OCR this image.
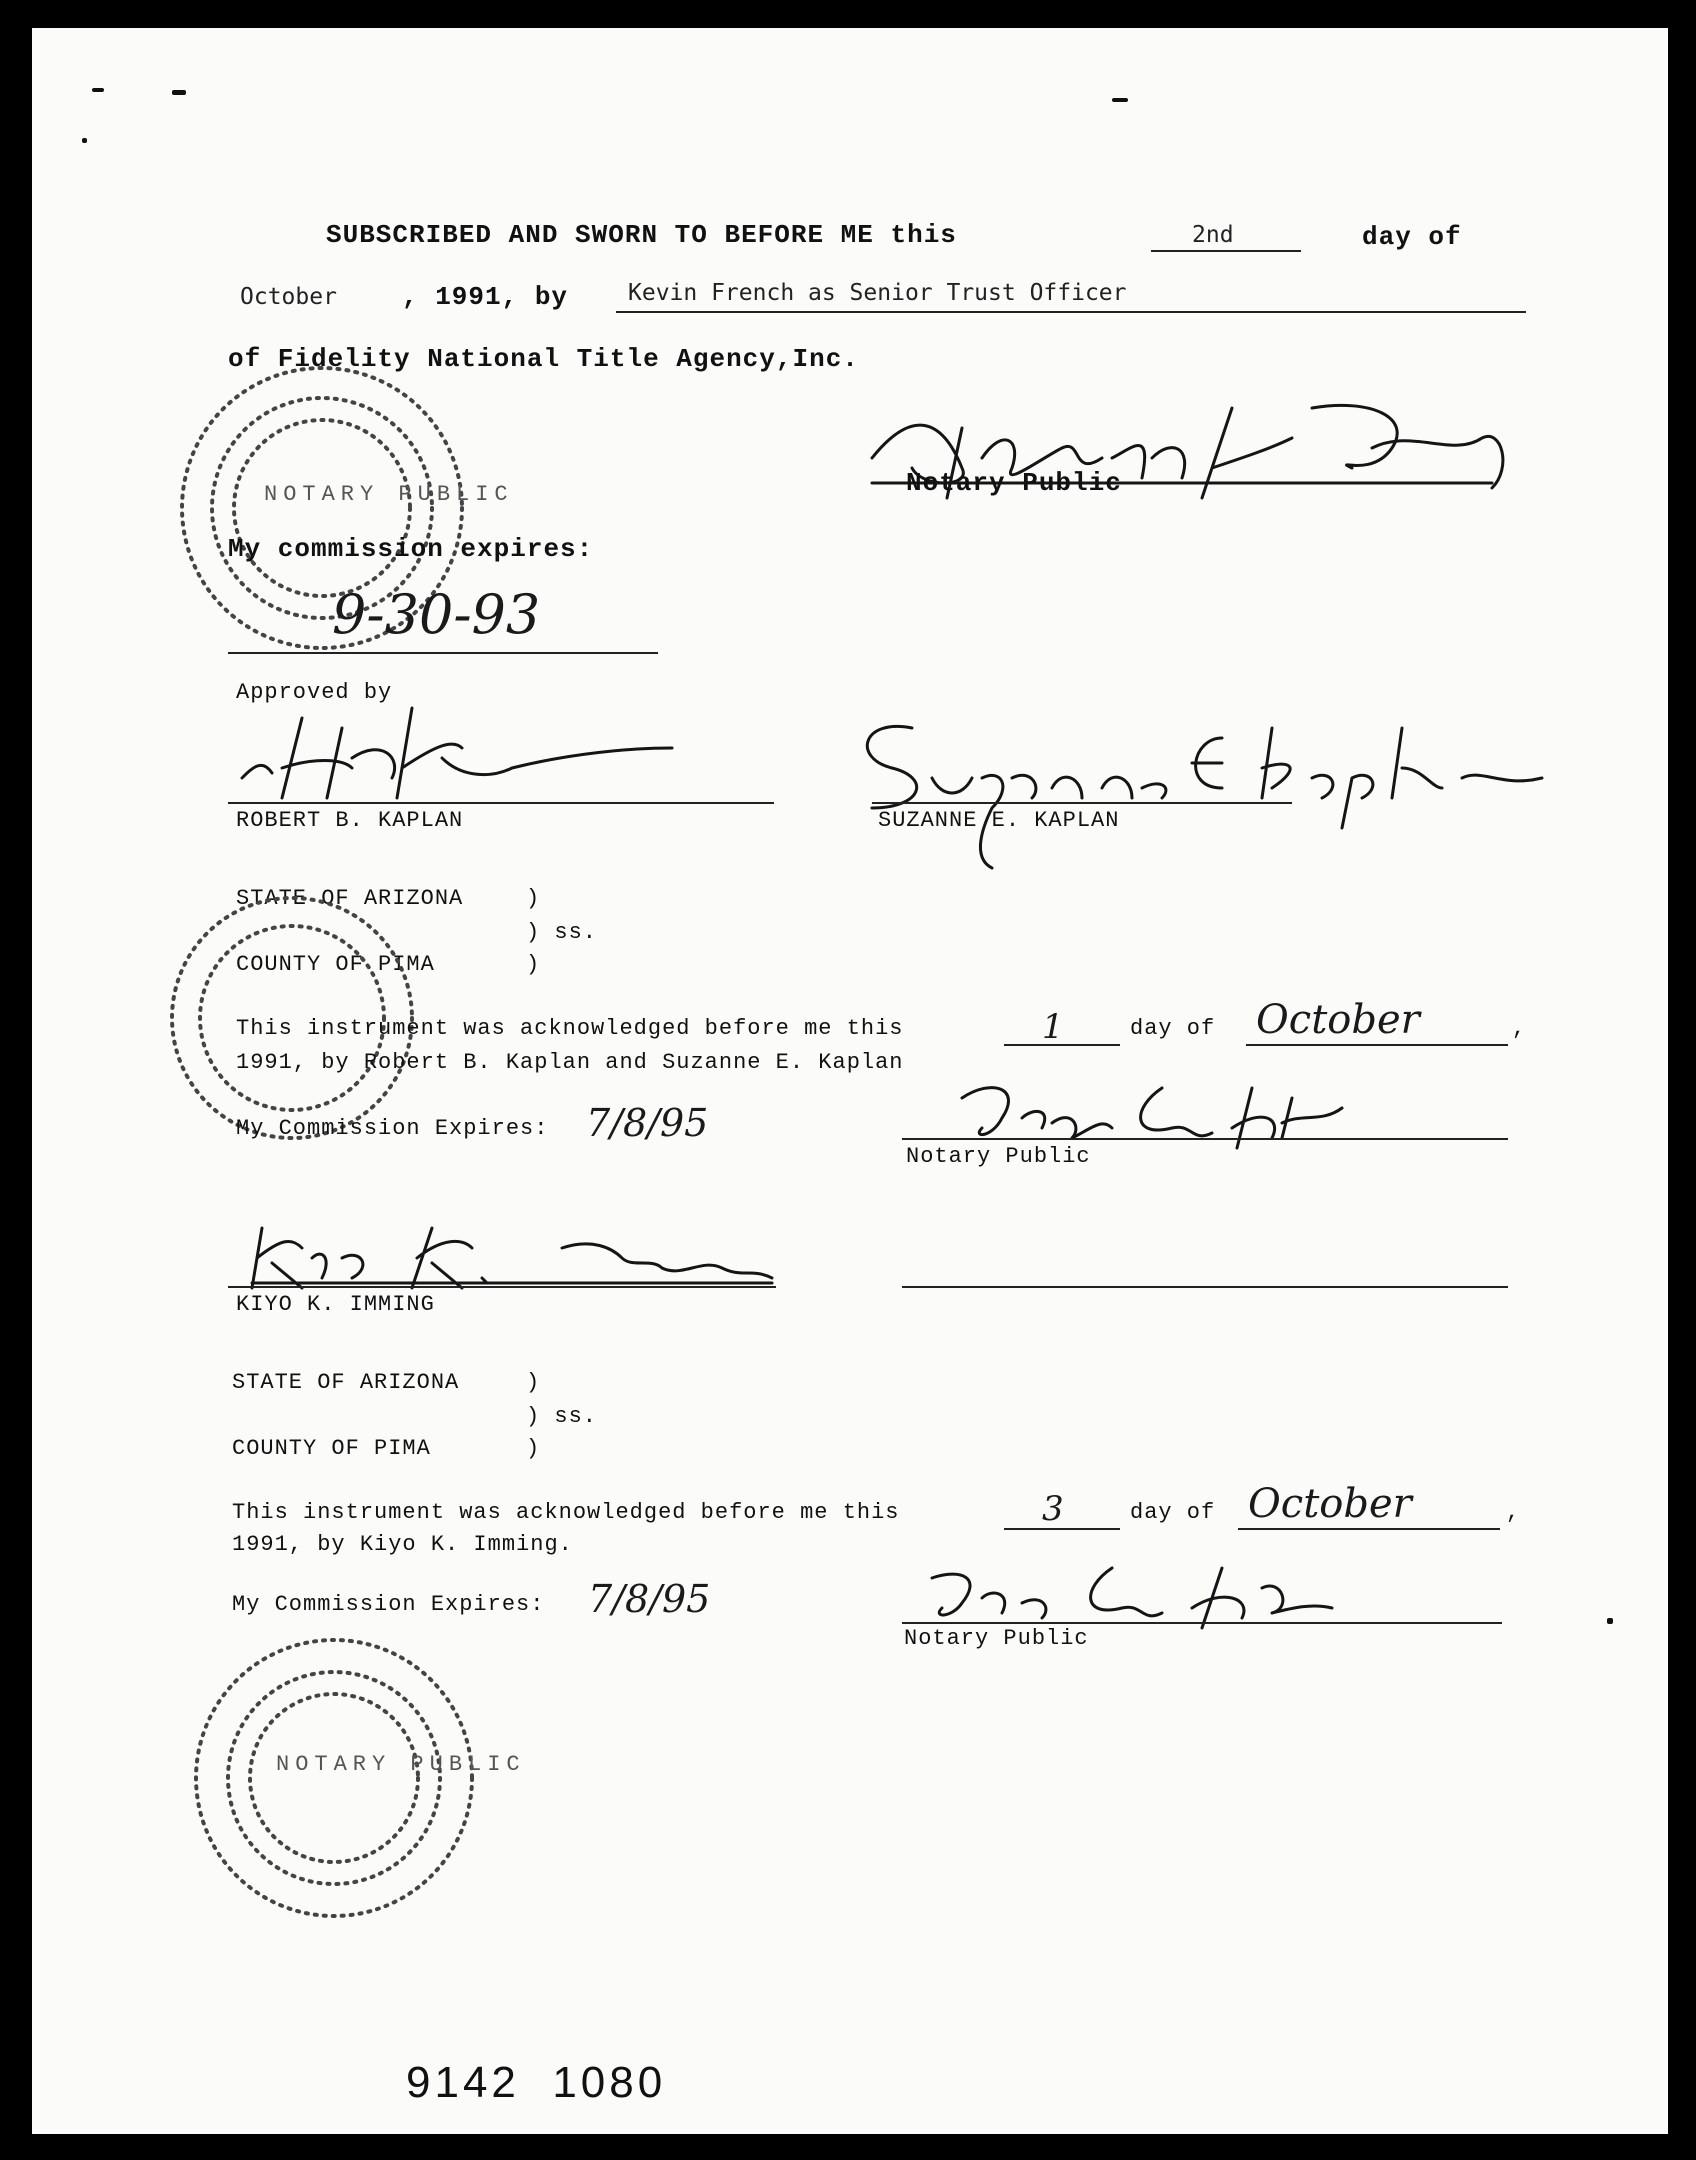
SUBSCRIBED AND SWORN TO BEFORE ME this	2nd	day of
October	, 1991, by	Kevin French as Senior Trust Officer
of Fidelity National Title Agency,Inc.
NOTARY PUBLIC	Notary Public
My commission expires:
9-30-93
Approved by
ROBERT B. KAPLAN	SUZANNE E. KAPLAN
STATE OF ARIZONA	)
) ss.
COUNTY OF PIMA	)
This instrument was acknowledged before me this	1	day of October	,
1991, by Robert B. Kaplan and Suzanne E. Kaplan
My Commission Expires: 7/8/95
Notary Public
KIYO K. IMMING
STATE OF ARIZONA	)
) ss.
COUNTY OF PIMA	)
This instrument was acknowledged before me this	3	day of October	,
1991, by Kiyo K. Imming.
My Commission Expires: 7/8/95
Notary Public
NOTARY PUBLIC
9142  1080
